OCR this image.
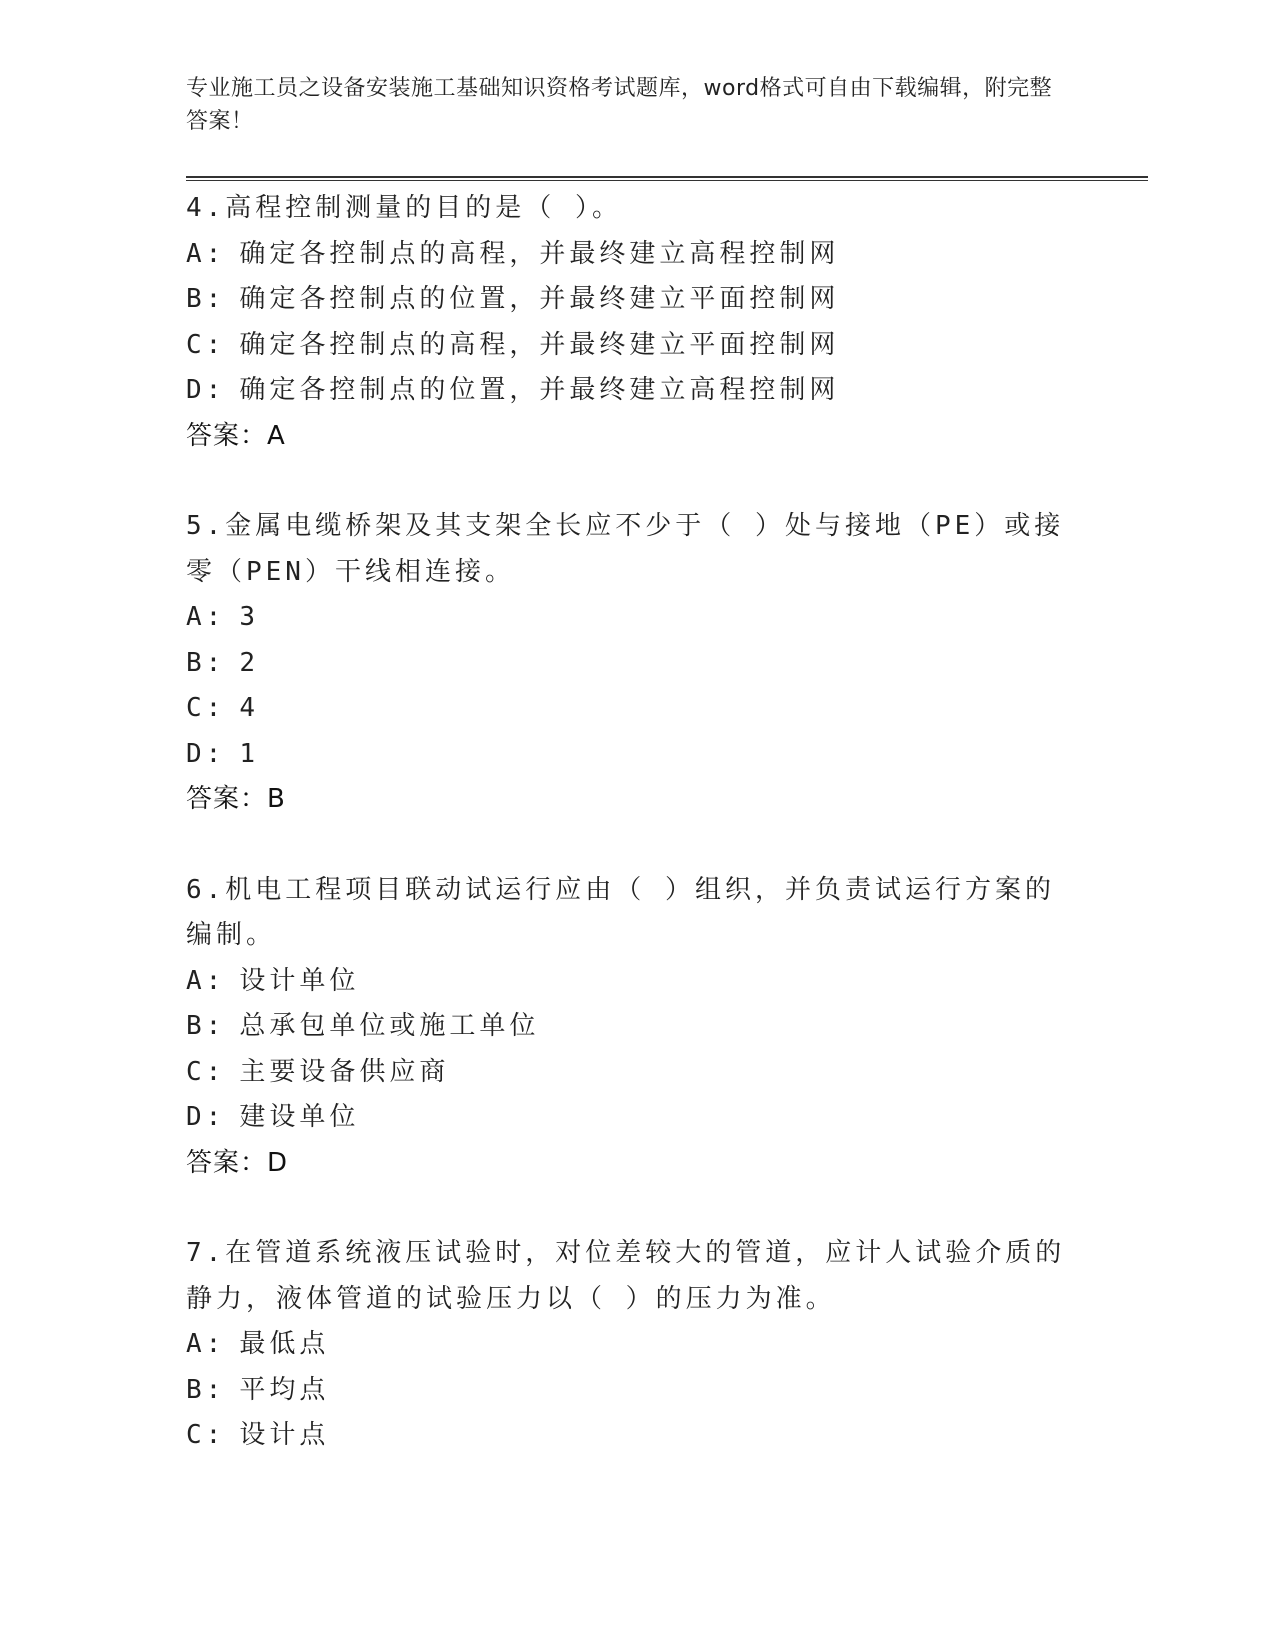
专业施工员之设备安装施工基础知识资格考试题库，word格式可自由下载编辑，附完整答案！
4.高程控制测量的目的是（ ）。
A: 确定各控制点的高程，并最终建立高程控制网
B: 确定各控制点的位置，并最终建立平面控制网
C: 确定各控制点的高程，并最终建立平面控制网
D: 确定各控制点的位置，并最终建立高程控制网
答案：A
5.金属电缆桥架及其支架全长应不少于（ ）处与接地（PE）或接零（PEN）干线相连接。
A: 3
B: 2
C: 4
D: 1
答案：B
6.机电工程项目联动试运行应由（ ）组织，并负责试运行方案的编制。
A: 设计单位
B: 总承包单位或施工单位
C: 主要设备供应商
D: 建设单位
答案：D
7.在管道系统液压试验时，对位差较大的管道，应计人试验介质的静力，液体管道的试验压力以（ ）的压力为准。
A: 最低点
B: 平均点
C: 设计点
